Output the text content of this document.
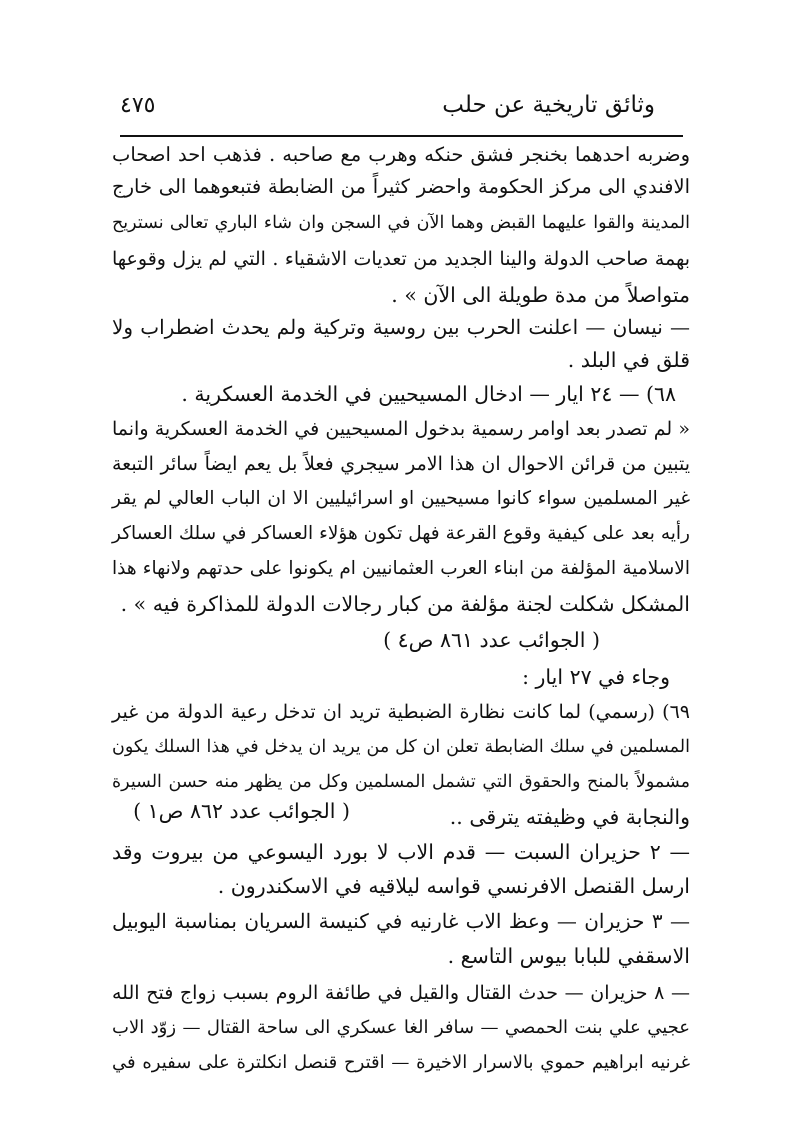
٤٧٥	وثائق تاريخية عن حلب
وضربه احدهما بخنجر فشق حنكه وهرب مع صاحبه . فذهب احد اصحاب
الافندي الى مركز الحكومة واحضر كثيراً من الضابطة فتبعوهما الى خارج
المدينة والقوا عليهما القبض وهما الآن في السجن وان شاء الباري تعالى نستريح
بهمة صاحب الدولة والينا الجديد من تعديات الاشقياء . التي لم يزل وقوعها
متواصلاً من مدة طويلة الى الآن » .
— نيسان — اعلنت الحرب بين روسية وتركية ولم يحدث اضطراب ولا
قلق في البلد .
٦٨) — ٢٤ ايار — ادخال المسيحيين في الخدمة العسكرية .
« لم تصدر بعد اوامر رسمية بدخول المسيحيين في الخدمة العسكرية وانما
يتبين من قرائن الاحوال ان هذا الامر سيجري فعلاً بل يعم ايضاً سائر التبعة
غير المسلمين سواء كانوا مسيحيين او اسرائيليين الا ان الباب العالي لم يقر
رأيه بعد على كيفية وقوع القرعة فهل تكون هؤلاء العساكر في سلك العساكر
الاسلامية المؤلفة من ابناء العرب العثمانيين ام يكونوا على حدتهم ولانهاء هذا
المشكل شكلت لجنة مؤلفة من كبار رجالات الدولة للمذاكرة فيه » .
( الجوائب عدد ٨٦١ ص٤ )
وجاء في ٢٧ ايار :
٦٩) (رسمي) لما كانت نظارة الضبطية تريد ان تدخل رعية الدولة من غير
المسلمين في سلك الضابطة تعلن ان كل من يريد ان يدخل في هذا السلك يكون
مشمولاً بالمنح والحقوق التي تشمل المسلمين وكل من يظهر منه حسن السيرة
والنجابة في وظيفته يترقى ..
( الجوائب عدد ٨٦٢ ص١ )
— ٢ حزيران السبت — قدم الاب لا بورد اليسوعي من بيروت وقد
ارسل القنصل الافرنسي قواسه ليلاقيه في الاسكندرون .
— ٣ حزيران — وعظ الاب غارنيه في كنيسة السريان بمناسبة اليوبيل
الاسقفي للبابا بيوس التاسع .
— ٨ حزيران — حدث القتال والقيل في طائفة الروم بسبب زواج فتح الله
عجيي علي بنت الحمصي — سافر الغا عسكري الى ساحة القتال — زوّد الاب
غرنيه ابراهيم حموي بالاسرار الاخيرة — اقترح قنصل انكلترة على سفيره في
